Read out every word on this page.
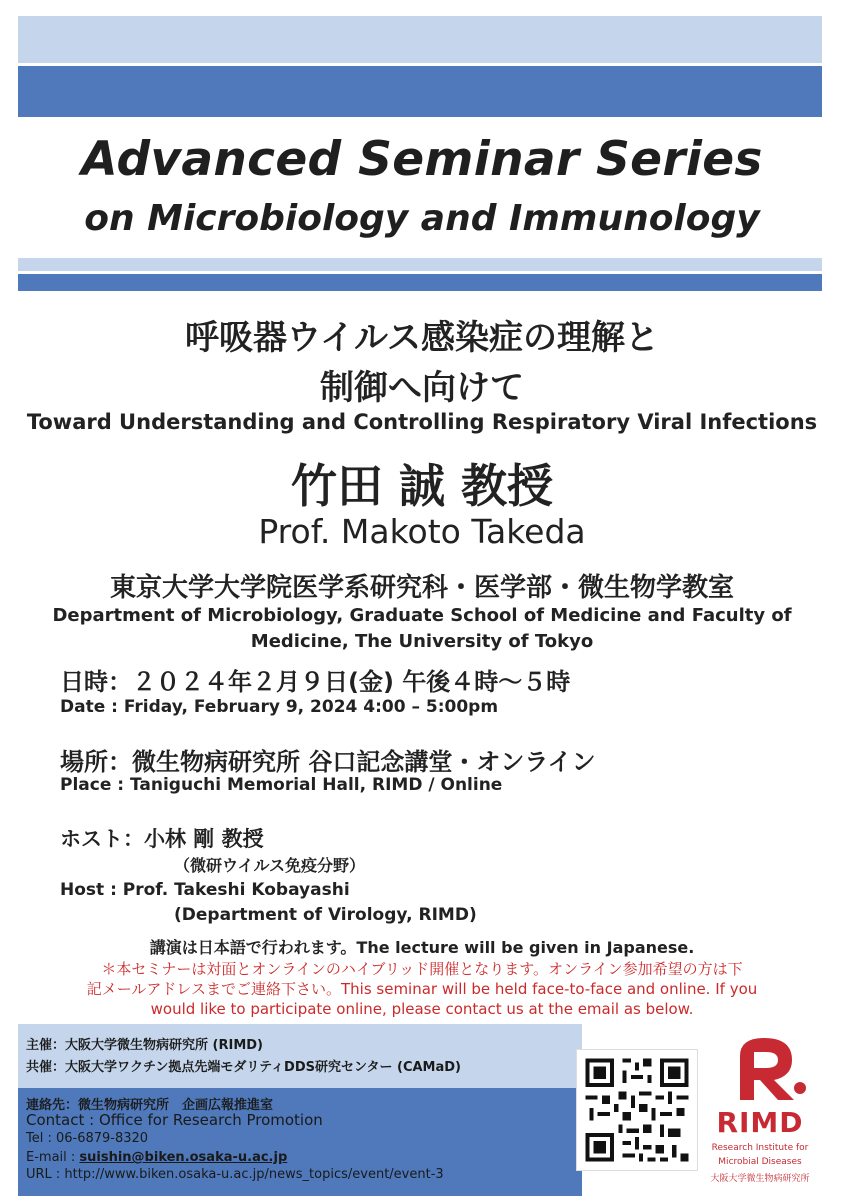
Advanced Seminar Series
on Microbiology and Immunology
呼吸器ウイルス感染症の理解と
制御へ向けて
Toward Understanding and Controlling Respiratory Viral Infections
竹田 誠 教授
Prof. Makoto Takeda
東京大学大学院医学系研究科・医学部・微生物学教室
Department of Microbiology, Graduate School of Medicine and Faculty of
Medicine, The University of Tokyo
日時：２０２４年２月９日(金) 午後４時～５時
Date : Friday, February 9, 2024 4:00 – 5:00pm
場所：微生物病研究所 谷口記念講堂・オンライン
Place : Taniguchi Memorial Hall, RIMD / Online
ホスト：小林 剛 教授
（微研ウイルス免疫分野）
Host : Prof. Takeshi Kobayashi
(Department of Virology, RIMD)
講演は日本語で行われます。The lecture will be given in Japanese.
＊本セミナーは対面とオンラインのハイブリッド開催となります。オンライン参加希望の方は下
記メールアドレスまでご連絡下さい。This seminar will be held face-to-face and online. If you
would like to participate online, please contact us at the email as below.
主催：大阪大学微生物病研究所 (RIMD)
共催：大阪大学ワクチン拠点先端モダリティDDS研究センター (CAMaD)
連絡先：微生物病研究所　企画広報推進室
Contact : Office for Research Promotion
Tel : 06-6879-8320
E-mail : suishin@biken.osaka-u.ac.jp
URL : http://www.biken.osaka-u.ac.jp/news_topics/event/event-3
RIMD
Research Institute for
Microbial Diseases
大阪大学微生物病研究所
